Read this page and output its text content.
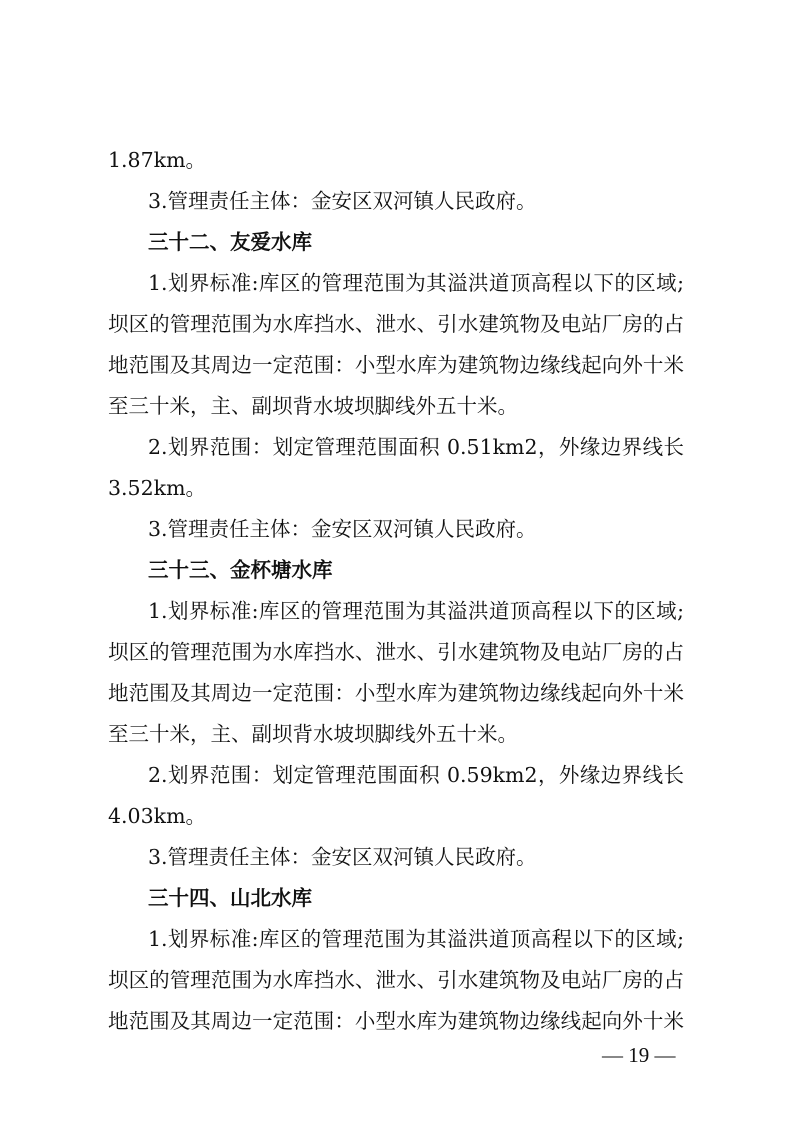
1.87km。
3.管理责任主体：金安区双河镇人民政府。
三十二、友爱水库
1.划界标准:库区的管理范围为其溢洪道顶高程以下的区域;
坝区的管理范围为水库挡水、泄水、引水建筑物及电站厂房的占
地范围及其周边一定范围：小型水库为建筑物边缘线起向外十米
至三十米，主、副坝背水坡坝脚线外五十米。
2.划界范围：划定管理范围面积 0.51km2，外缘边界线长
3.52km。
3.管理责任主体：金安区双河镇人民政府。
三十三、金杯塘水库
1.划界标准:库区的管理范围为其溢洪道顶高程以下的区域;
坝区的管理范围为水库挡水、泄水、引水建筑物及电站厂房的占
地范围及其周边一定范围：小型水库为建筑物边缘线起向外十米
至三十米，主、副坝背水坡坝脚线外五十米。
2.划界范围：划定管理范围面积 0.59km2，外缘边界线长
4.03km。
3.管理责任主体：金安区双河镇人民政府。
三十四、山北水库
1.划界标准:库区的管理范围为其溢洪道顶高程以下的区域;
坝区的管理范围为水库挡水、泄水、引水建筑物及电站厂房的占
地范围及其周边一定范围：小型水库为建筑物边缘线起向外十米
— 19 —
